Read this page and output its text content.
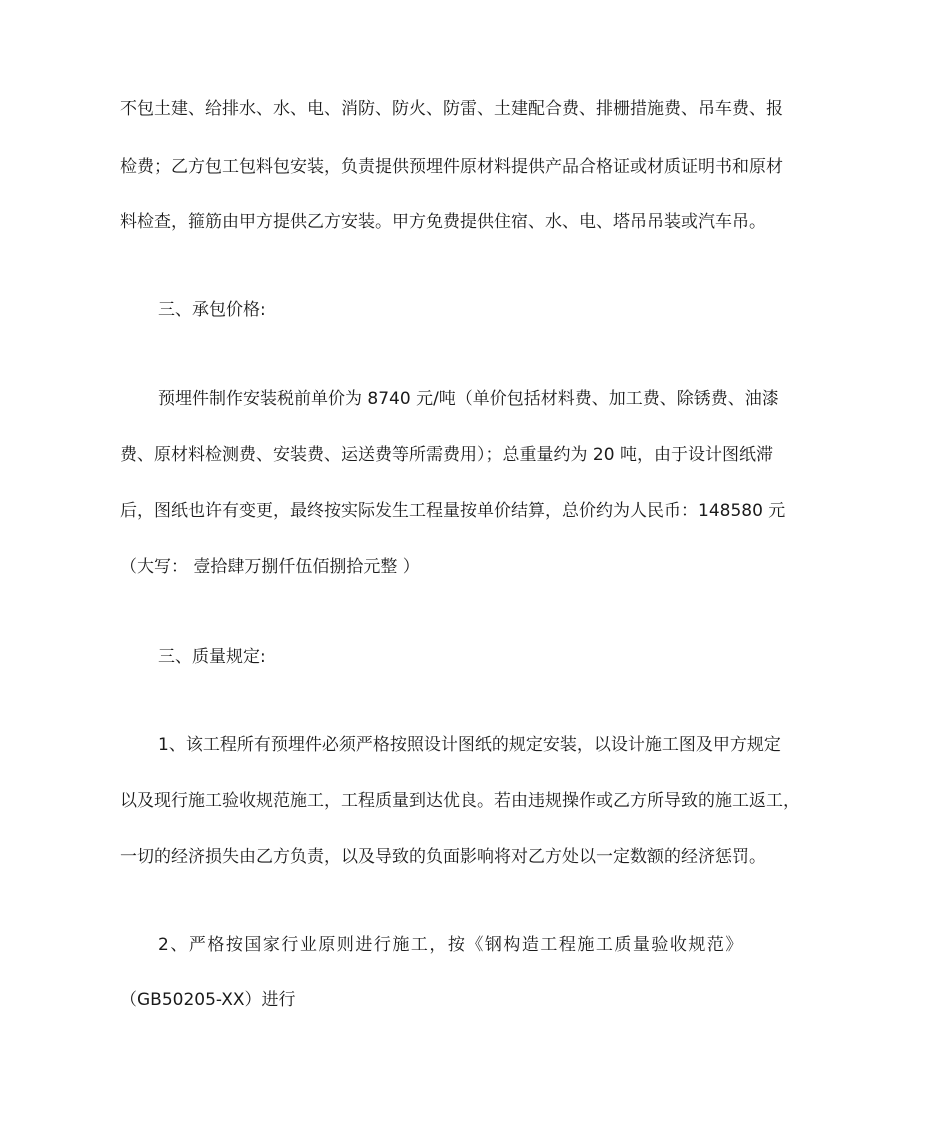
不包土建、给排水、水、电、消防、防火、防雷、土建配合费、排栅措施费、吊车费、报
检费；乙方包工包料包安装，负责提供预埋件原材料提供产品合格证或材质证明书和原材
料检查，箍筋由甲方提供乙方安装。甲方免费提供住宿、水、电、塔吊吊装或汽车吊。
三、承包价格:
预埋件制作安装税前单价为 8740 元/吨（单价包括材料费、加工费、除锈费、油漆
费、原材料检测费、安装费、运送费等所需费用）；总重量约为 20 吨，由于设计图纸滞
后，图纸也许有变更，最终按实际发生工程量按单价结算，总价约为人民币：148580 元
（大写： 壹拾肆万捌仟伍佰捌拾元整 ）
三、质量规定:
1、该工程所有预埋件必须严格按照设计图纸的规定安装，以设计施工图及甲方规定
以及现行施工验收规范施工，工程质量到达优良。若由违规操作或乙方所导致的施工返工，
一切的经济损失由乙方负责，以及导致的负面影响将对乙方处以一定数额的经济惩罚。
2、严格按国家行业原则进行施工，按《钢构造工程施工质量验收规范》
（GB50205-XX）进行
